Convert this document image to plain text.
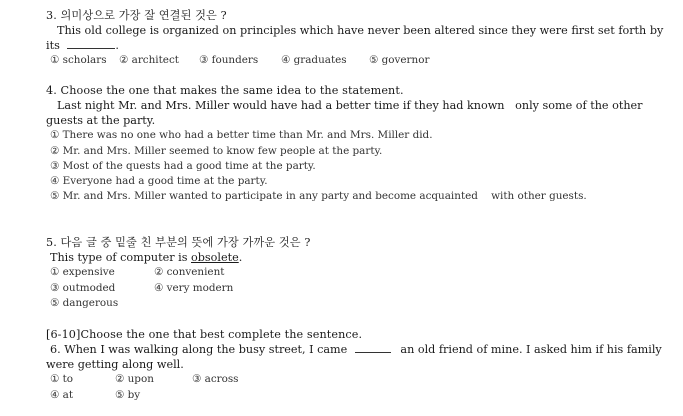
3. 의미상으로 가장 잘 연결된 것은 ?
This old college is organized on principles which have never been altered since they were first set forth by
its	.
① scholars ② architect ③ founders ④ graduates ⑤ governor
4. Choose the one that makes the same idea to the statement.
Last night Mr. and Mrs. Miller would have had a better time if they had known   only some of the other
guests at the party.
① There was no one who had a better time than Mr. and Mrs. Miller did.
② Mr. and Mrs. Miller seemed to know few people at the party.
③ Most of the quests had a good time at the party.
④ Everyone had a good time at the party.
⑤ Mr. and Mrs. Miller wanted to participate in any party and become acquainted    with other guests.
5. 다음 글 중 밑줄 친 부분의 뜻에 가장 가까운 것은 ?
This type of computer is obsolete.
① expensive	② convenient
③ outmoded	④ very modern
⑤ dangerous
[6-10]Choose the one that best complete the sentence.
6. When I was walking along the busy street, I came	an old friend of mine. I asked him if his family
were getting along well.
① to	② upon	③ across
④ at	⑤ by
